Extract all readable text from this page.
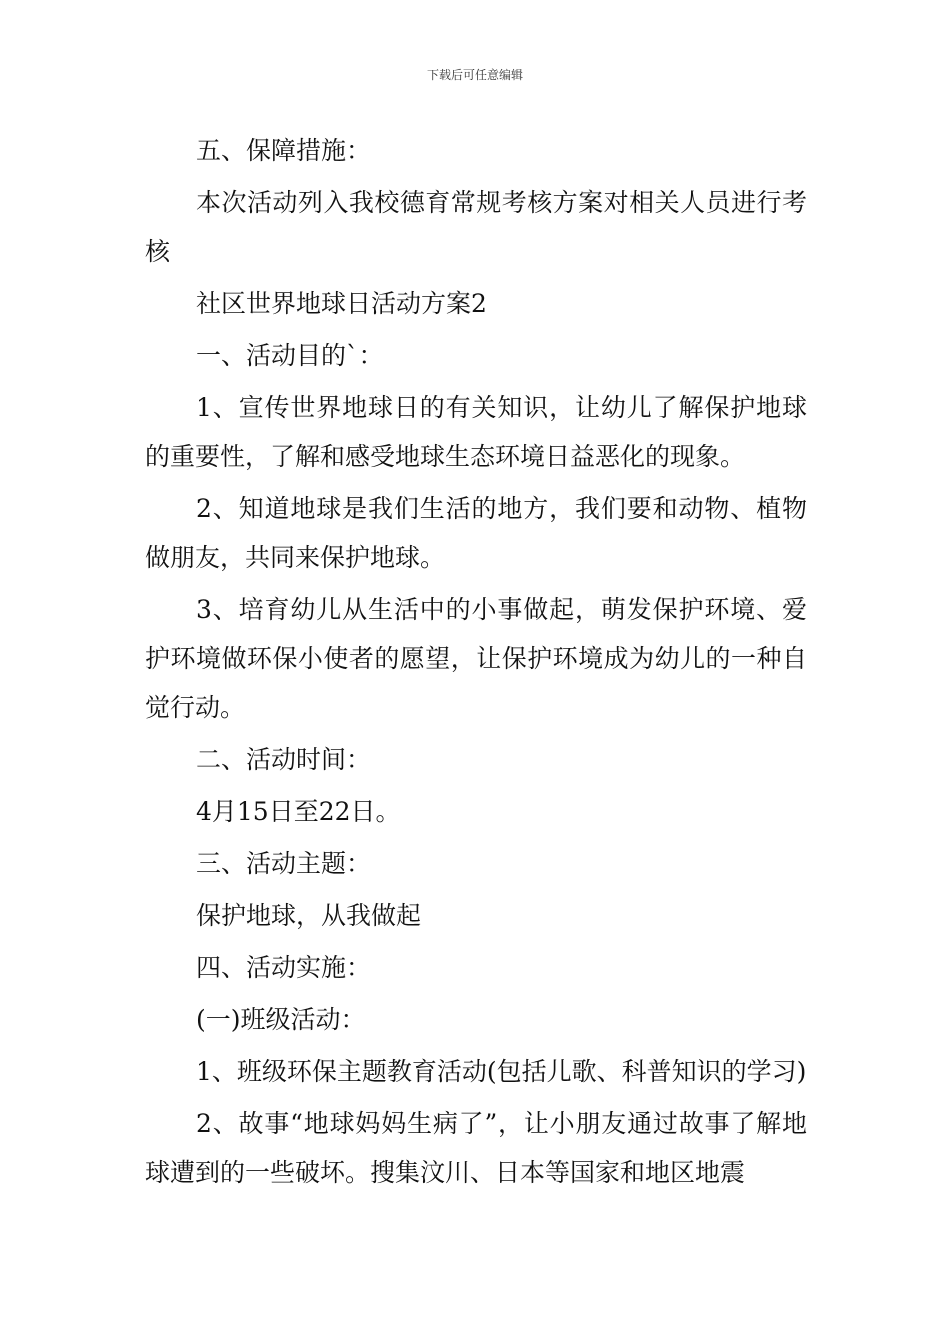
下载后可任意编辑

五、保障措施：

本次活动列入我校德育常规考核方案对相关人员进行考核

社区世界地球日活动方案2

一、活动目的`：

1、宣传世界地球日的有关知识，让幼儿了解保护地球的重要性，了解和感受地球生态环境日益恶化的现象。

2、知道地球是我们生活的地方，我们要和动物、植物做朋友，共同来保护地球。

3、培育幼儿从生活中的小事做起，萌发保护环境、爱护环境做环保小使者的愿望，让保护环境成为幼儿的一种自觉行动。

二、活动时间：

4月15日至22日。

三、活动主题：

保护地球，从我做起

四、活动实施：

(一)班级活动：

1、班级环保主题教育活动(包括儿歌、科普知识的学习)

2、故事“地球妈妈生病了”，让小朋友通过故事了解地球遭到的一些破坏。搜集汶川、日本等国家和地区地震
